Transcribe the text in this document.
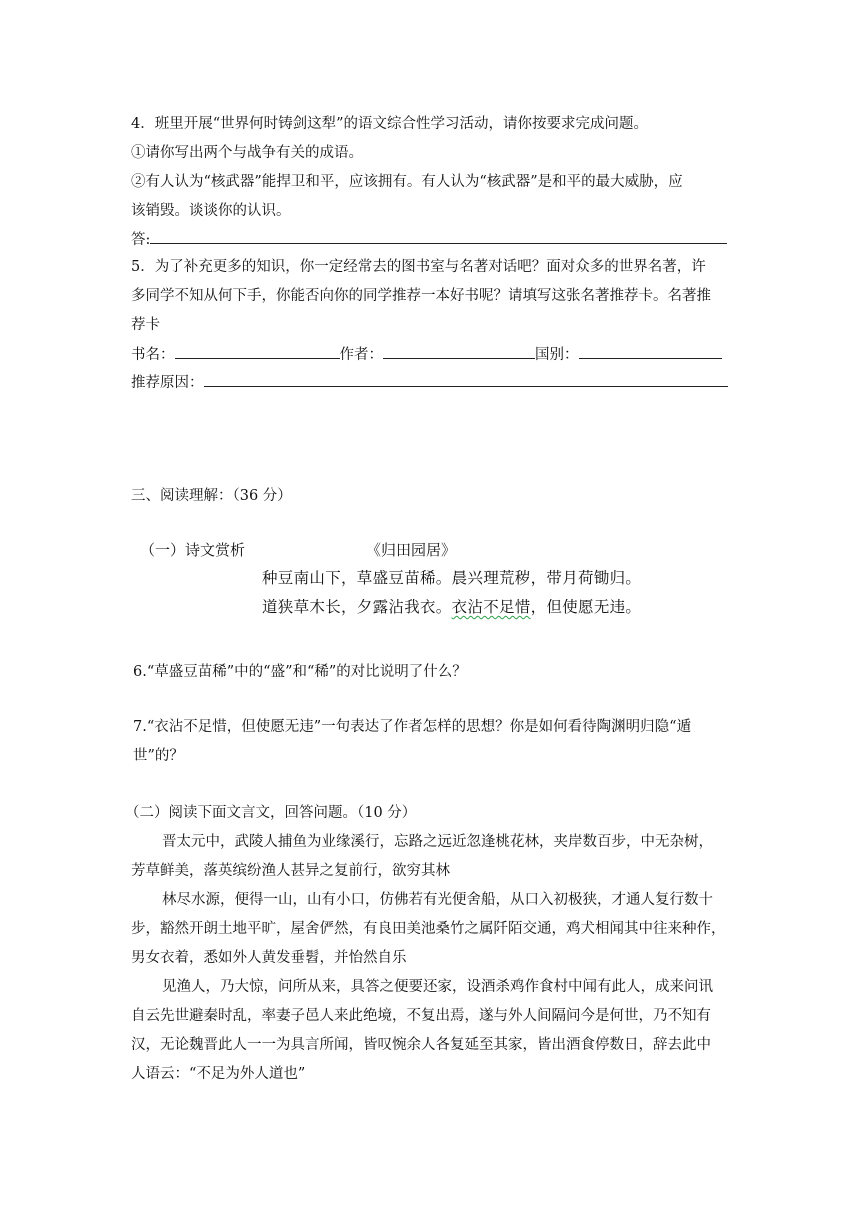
4．班里开展“世界何时铸剑这犁”的语文综合性学习活动，请你按要求完成问题。
①请你写出两个与战争有关的成语。
②有人认为“核武器”能捍卫和平，应该拥有。有人认为“核武器”是和平的最大威胁，应
该销毁。谈谈你的认识。
答:
5．为了补充更多的知识，你一定经常去的图书室与名著对话吧？面对众多的世界名著，许
多同学不知从何下手，你能否向你的同学推荐一本好书呢？请填写这张名著推荐卡。名著推
荐卡
书名：	作者：	国别：
推荐原因：
三、阅读理解：（36 分）
（一）诗文赏析	《归田园居》
种豆南山下，草盛豆苗稀。晨兴理荒秽，带月荷锄归。
道狭草木长，夕露沾我衣。衣沾不足惜，但使愿无违。
6.“草盛豆苗稀”中的“盛”和“稀”的对比说明了什么？
7.“衣沾不足惜，但使愿无违”一句表达了作者怎样的思想？你是如何看待陶渊明归隐“遁
世”的？
（二）阅读下面文言文，回答问题。（10 分）
晋太元中，武陵人捕鱼为业缘溪行，忘路之远近忽逢桃花林，夹岸数百步，中无杂树，
芳草鲜美，落英缤纷渔人甚异之复前行，欲穷其林
林尽水源，便得一山，山有小口，仿佛若有光便舍船，从口入初极狭，才通人复行数十
步，豁然开朗土地平旷，屋舍俨然，有良田美池桑竹之属阡陌交通，鸡犬相闻其中往来种作，
男女衣着，悉如外人黄发垂髫，并怡然自乐
见渔人，乃大惊，问所从来，具答之便要还家，设酒杀鸡作食村中闻有此人，成来问讯
自云先世避秦时乱，率妻子邑人来此绝境，不复出焉，遂与外人间隔问今是何世，乃不知有
汉，无论魏晋此人一一为具言所闻，皆叹惋余人各复延至其家，皆出酒食停数日，辞去此中
人语云：“不足为外人道也”
